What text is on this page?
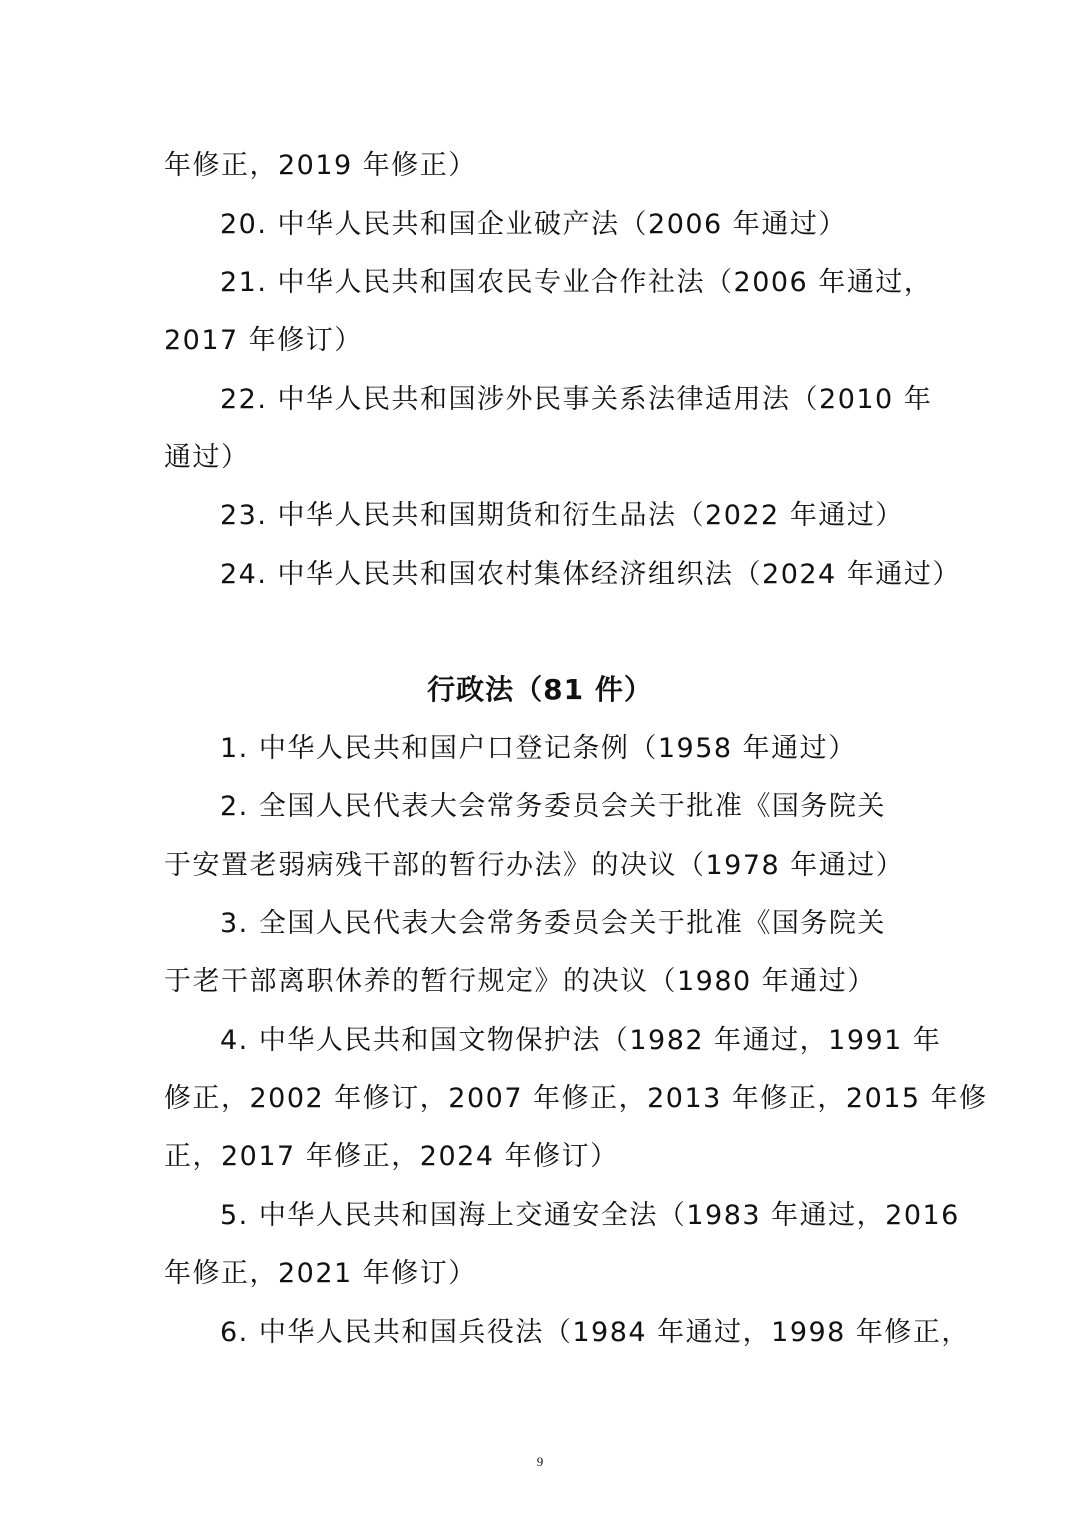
年修正，2019 年修正）
20. 中华人民共和国企业破产法（2006 年通过）
21. 中华人民共和国农民专业合作社法（2006 年通过，
2017 年修订）
22. 中华人民共和国涉外民事关系法律适用法（2010 年
通过）
23. 中华人民共和国期货和衍生品法（2022 年通过）
24. 中华人民共和国农村集体经济组织法（2024 年通过）
行政法（81 件）
1. 中华人民共和国户口登记条例（1958 年通过）
2. 全国人民代表大会常务委员会关于批准《国务院关
于安置老弱病残干部的暂行办法》的决议（1978 年通过）
3. 全国人民代表大会常务委员会关于批准《国务院关
于老干部离职休养的暂行规定》的决议（1980 年通过）
4. 中华人民共和国文物保护法（1982 年通过，1991 年
修正，2002 年修订，2007 年修正，2013 年修正，2015 年修
正，2017 年修正，2024 年修订）
5. 中华人民共和国海上交通安全法（1983 年通过，2016
年修正，2021 年修订）
6. 中华人民共和国兵役法（1984 年通过，1998 年修正，
9
